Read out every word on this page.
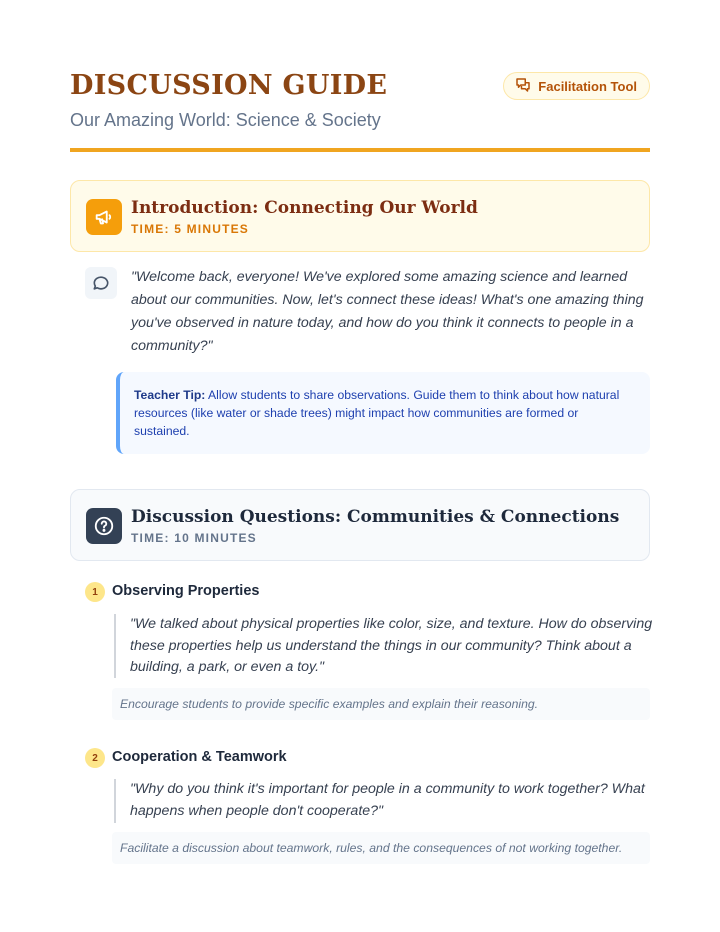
DISCUSSION GUIDE
Our Amazing World: Science & Society
Facilitation Tool
Introduction: Connecting Our World
TIME: 5 MINUTES

"Welcome back, everyone! We've explored some amazing science and learned about our communities. Now, let's connect these ideas! What's one amazing thing you've observed in nature today, and how do you think it connects to people in a community?"

Teacher Tip: Allow students to share observations. Guide them to think about how natural resources (like water or shade trees) might impact how communities are formed or sustained.
Discussion Questions: Communities & Connections
TIME: 10 MINUTES
1 Observing Properties

"We talked about physical properties like color, size, and texture. How do observing these properties help us understand the things in our community? Think about a building, a park, or even a toy."

Encourage students to provide specific examples and explain their reasoning.
2 Cooperation & Teamwork

"Why do you think it's important for people in a community to work together? What happens when people don't cooperate?"

Facilitate a discussion about teamwork, rules, and the consequences of not working together.
